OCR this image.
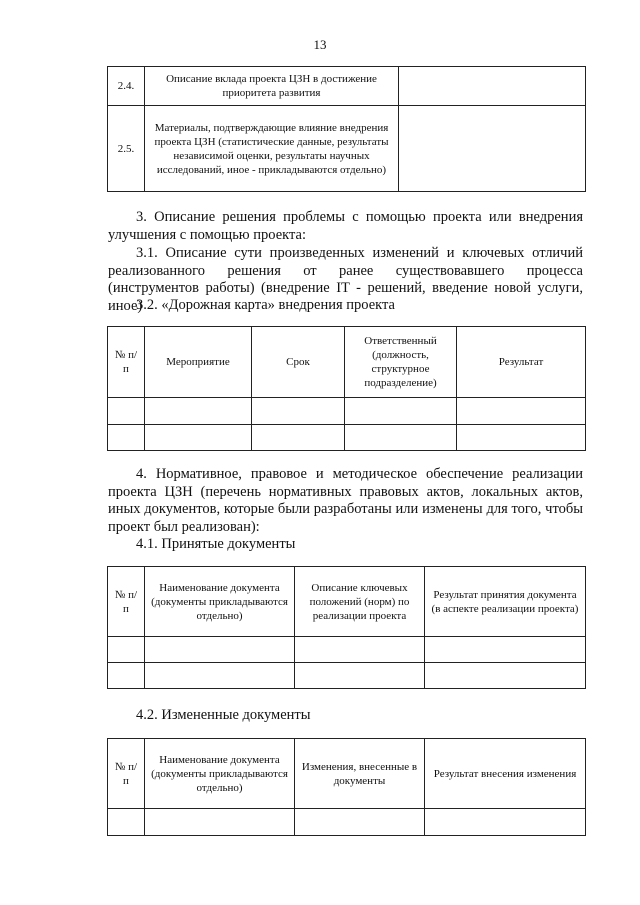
13
2.4.	Описание вклада проекта ЦЗН в достижение приоритета развития	
2.5.	Материалы, подтверждающие влияние внедрения проекта ЦЗН (статистические данные, результаты независимой оценки, результаты научных исследований, иное - прикладываются отдельно)	
3. Описание решения проблемы с помощью проекта или внедрения улучшения с помощью проекта:
3.1. Описание сути произведенных изменений и ключевых отличий реализованного решения от ранее существовавшего процесса (инструментов работы) (внедрение IT - решений, введение новой услуги, иное)
3.2. «Дорожная карта» внедрения проекта
№ п/п	Мероприятие	Срок	Ответственный (должность, структурное подразделение)	Результат

4. Нормативное, правовое и методическое обеспечение реализации проекта ЦЗН (перечень нормативных правовых актов, локальных актов, иных документов, которые были разработаны или изменены для того, чтобы проект был реализован):
4.1. Принятые документы
№ п/п	Наименование документа (документы прикладываются отдельно)	Описание ключевых положений (норм) по реализации проекта	Результат принятия документа (в аспекте реализации проекта)

4.2. Измененные документы
№ п/п	Наименование документа (документы прикладываются отдельно)	Изменения, внесенные в документы	Результат внесения изменения
